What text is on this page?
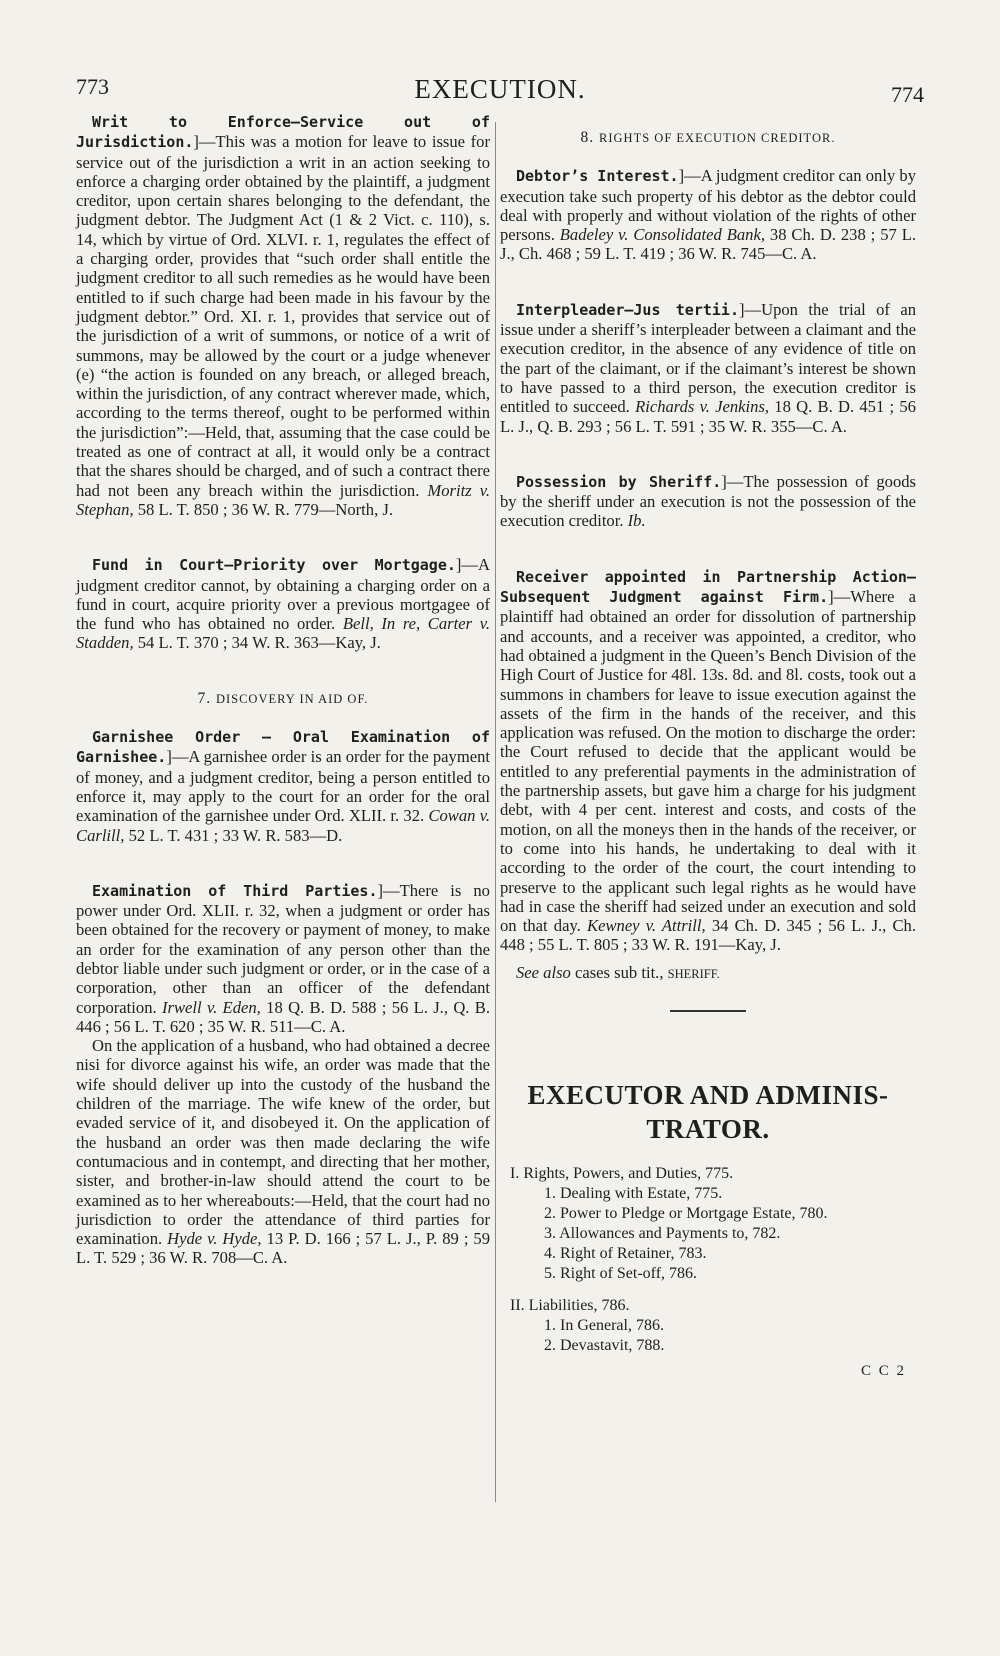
773	EXECUTION.	774

Writ to Enforce—Service out of Jurisdiction.]—This was a motion for leave to issue for service out of the jurisdiction a writ in an action seeking to enforce a charging order obtained by the plaintiff, a judgment creditor, upon certain shares belonging to the defendant, the judgment debtor. The Judgment Act (1 & 2 Vict. c. 110), s. 14, which by virtue of Ord. XLVI. r. 1, regulates the effect of a charging order, provides that “such order shall entitle the judgment creditor to all such remedies as he would have been entitled to if such charge had been made in his favour by the judgment debtor.” Ord. XI. r. 1, provides that service out of the jurisdiction of a writ of summons, or notice of a writ of summons, may be allowed by the court or a judge whenever (e) “the action is founded on any breach, or alleged breach, within the jurisdiction, of any contract wherever made, which, according to the terms thereof, ought to be performed within the jurisdiction”:—Held, that, assuming that the case could be treated as one of contract at all, it would only be a contract that the shares should be charged, and of such a contract there had not been any breach within the jurisdiction. Moritz v. Stephan, 58 L. T. 850 ; 36 W. R. 779—North, J.

Fund in Court—Priority over Mortgage.]—A judgment creditor cannot, by obtaining a charging order on a fund in court, acquire priority over a previous mortgagee of the fund who has obtained no order. Bell, In re, Carter v. Stadden, 54 L. T. 370 ; 34 W. R. 363—Kay, J.

7. DISCOVERY IN AID OF.

Garnishee Order — Oral Examination of Garnishee.]—A garnishee order is an order for the payment of money, and a judgment creditor, being a person entitled to enforce it, may apply to the court for an order for the oral examination of the garnishee under Ord. XLII. r. 32. Cowan v. Carlill, 52 L. T. 431 ; 33 W. R. 583—D.

Examination of Third Parties.]—There is no power under Ord. XLII. r. 32, when a judgment or order has been obtained for the recovery or payment of money, to make an order for the examination of any person other than the debtor liable under such judgment or order, or in the case of a corporation, other than an officer of the defendant corporation. Irwell v. Eden, 18 Q. B. D. 588 ; 56 L. J., Q. B. 446 ; 56 L. T. 620 ; 35 W. R. 511—C. A.

On the application of a husband, who had obtained a decree nisi for divorce against his wife, an order was made that the wife should deliver up into the custody of the husband the children of the marriage. The wife knew of the order, but evaded service of it, and disobeyed it. On the application of the husband an order was then made declaring the wife contumacious and in contempt, and directing that her mother, sister, and brother-in-law should attend the court to be examined as to her whereabouts:—Held, that the court had no jurisdiction to order the attendance of third parties for examination. Hyde v. Hyde, 13 P. D. 166 ; 57 L. J., P. 89 ; 59 L. T. 529 ; 36 W. R. 708—C. A.

8. RIGHTS OF EXECUTION CREDITOR.

Debtor’s Interest.]—A judgment creditor can only by execution take such property of his debtor as the debtor could deal with properly and without violation of the rights of other persons. Badeley v. Consolidated Bank, 38 Ch. D. 238 ; 57 L. J., Ch. 468 ; 59 L. T. 419 ; 36 W. R. 745—C. A.

Interpleader—Jus tertii.]—Upon the trial of an issue under a sheriff’s interpleader between a claimant and the execution creditor, in the absence of any evidence of title on the part of the claimant, or if the claimant’s interest be shown to have passed to a third person, the execution creditor is entitled to succeed. Richards v. Jenkins, 18 Q. B. D. 451 ; 56 L. J., Q. B. 293 ; 56 L. T. 591 ; 35 W. R. 355—C. A.

Possession by Sheriff.]—The possession of goods by the sheriff under an execution is not the possession of the execution creditor. Ib.

Receiver appointed in Partnership Action—Subsequent Judgment against Firm.]—Where a plaintiff had obtained an order for dissolution of partnership and accounts, and a receiver was appointed, a creditor, who had obtained a judgment in the Queen’s Bench Division of the High Court of Justice for 48l. 13s. 8d. and 8l. costs, took out a summons in chambers for leave to issue execution against the assets of the firm in the hands of the receiver, and this application was refused. On the motion to discharge the order: the Court refused to decide that the applicant would be entitled to any preferential payments in the administration of the partnership assets, but gave him a charge for his judgment debt, with 4 per cent. interest and costs, and costs of the motion, on all the moneys then in the hands of the receiver, or to come into his hands, he undertaking to deal with it according to the order of the court, the court intending to preserve to the applicant such legal rights as he would have had in case the sheriff had seized under an execution and sold on that day. Kewney v. Attrill, 34 Ch. D. 345 ; 56 L. J., Ch. 448 ; 55 L. T. 805 ; 33 W. R. 191—Kay, J.

See also cases sub tit., SHERIFF.

EXECUTOR AND ADMINIS-
TRATOR.
I. Rights, Powers, and Duties, 775.
1. Dealing with Estate, 775.
2. Power to Pledge or Mortgage Estate, 780.
3. Allowances and Payments to, 782.
4. Right of Retainer, 783.
5. Right of Set-off, 786.
II. Liabilities, 786.
1. In General, 786.
2. Devastavit, 788.
C C 2
